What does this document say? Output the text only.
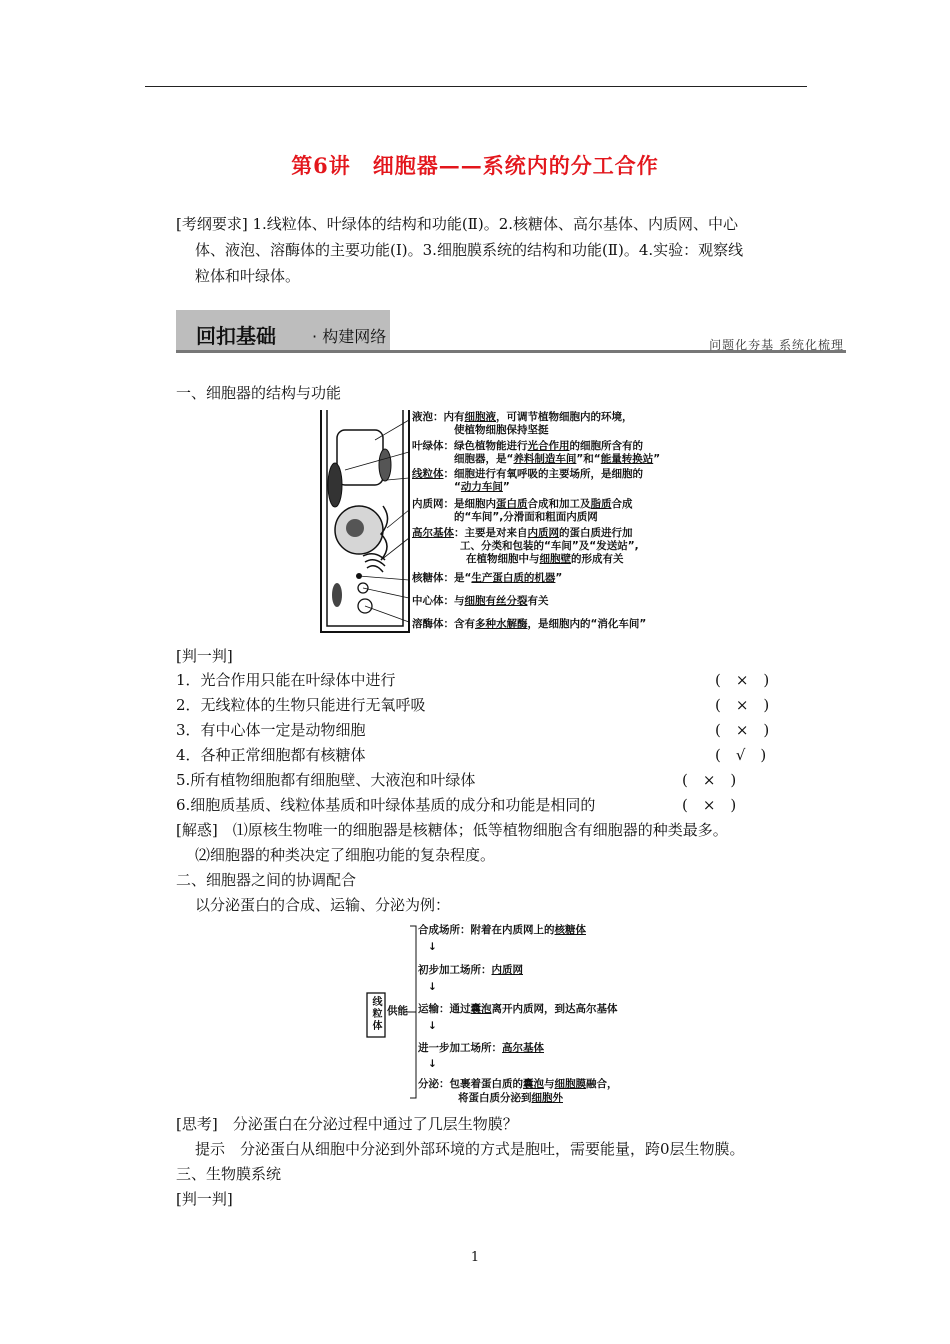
第6讲　细胞器——系统内的分工合作
[考纲要求] 1.线粒体、叶绿体的结构和功能(Ⅱ)。2.核糖体、高尔基体、内质网、中心
体、液泡、溶酶体的主要功能(Ⅰ)。3.细胞膜系统的结构和功能(Ⅱ)。4.实验：观察线
粒体和叶绿体。
回扣基础 · 构建网络	问题化夯基 系统化梳理
一、细胞器的结构与功能
液泡：内有细胞液，可调节植物细胞内的环境，
使植物细胞保持坚挺
叶绿体：绿色植物能进行光合作用的细胞所含有的
细胞器，是“养料制造车间”和“能量转换站”
线粒体：细胞进行有氧呼吸的主要场所，是细胞的
“动力车间”
内质网：是细胞内蛋白质合成和加工及脂质合成
的“车间”,分滑面和粗面内质网
高尔基体：主要是对来自内质网的蛋白质进行加
工、分类和包装的“车间”及“发送站”,
在植物细胞中与细胞壁的形成有关
核糖体：是“生产蛋白质的机器”
中心体：与细胞有丝分裂有关
溶酶体：含有多种水解酶，是细胞内的“消化车间”
[判一判]
1．光合作用只能在叶绿体中进行	(　×　)
2．无线粒体的生物只能进行无氧呼吸	(　×　)
3．有中心体一定是动物细胞	(　×　)
4．各种正常细胞都有核糖体	(　√　)
5.所有植物细胞都有细胞壁、大液泡和叶绿体	(　×　)
6.细胞质基质、线粒体基质和叶绿体基质的成分和功能是相同的	(　×　)
[解惑]　⑴原核生物唯一的细胞器是核糖体；低等植物细胞含有细胞器的种类最多。
⑵细胞器的种类决定了细胞功能的复杂程度。
二、细胞器之间的协调配合
以分泌蛋白的合成、运输、分泌为例：
线
粒
体
供能
合成场所：附着在内质网上的核糖体
↓
初步加工场所：内质网
↓
运输：通过囊泡离开内质网，到达高尔基体
↓
进一步加工场所：高尔基体
↓
分泌：包裹着蛋白质的囊泡与细胞膜融合，
将蛋白质分泌到细胞外
[思考]　分泌蛋白在分泌过程中通过了几层生物膜？
提示　分泌蛋白从细胞中分泌到外部环境的方式是胞吐，需要能量，跨0层生物膜。
三、生物膜系统
[判一判]
1
